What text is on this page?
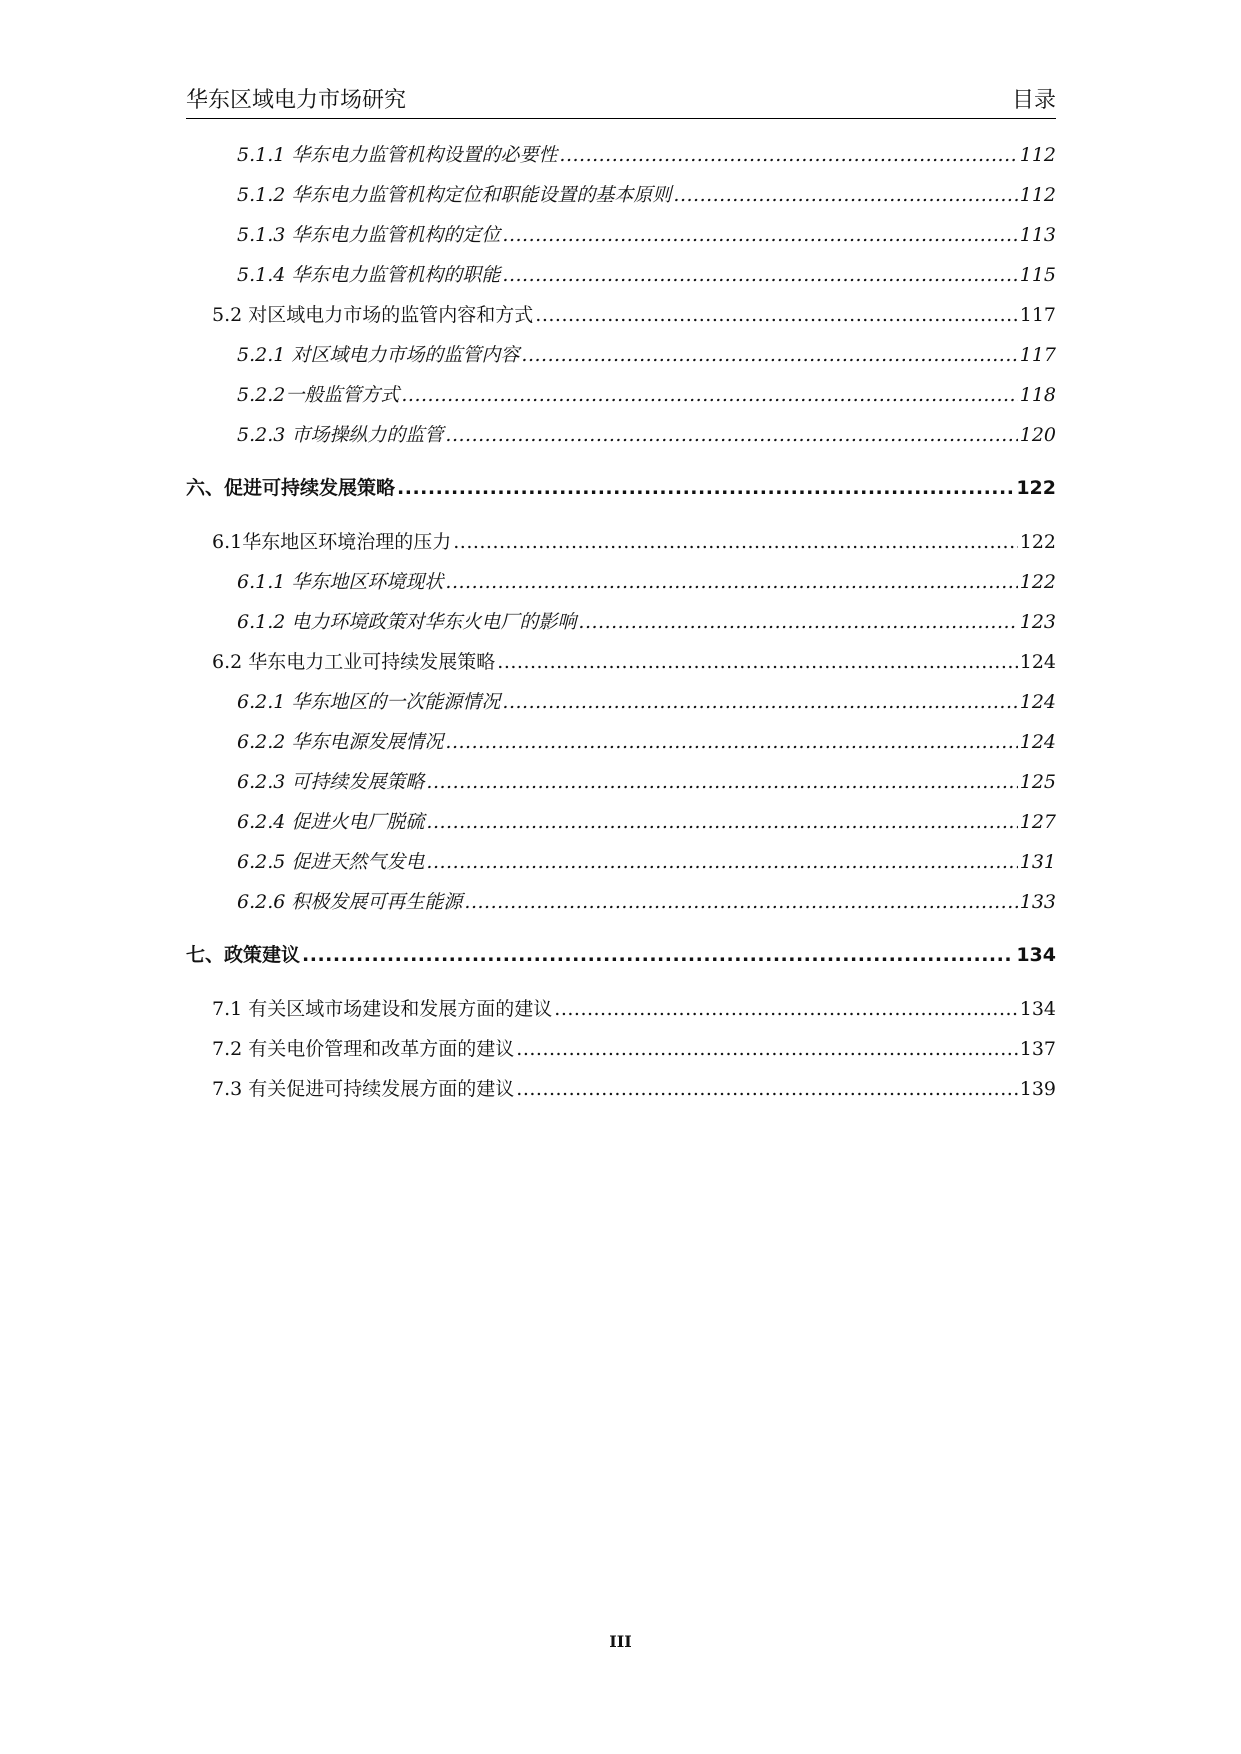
华东区域电力市场研究	目录
5.1.1 华东电力监管机构设置的必要性 .....	112
5.1.2 华东电力监管机构定位和职能设置的基本原则 .....	112
5.1.3 华东电力监管机构的定位 .....	113
5.1.4 华东电力监管机构的职能 .....	115
5.2 对区域电力市场的监管内容和方式 .....	117
5.2.1 对区域电力市场的监管内容 .....	117
5.2.2 一般监管方式 .....	118
5.2.3 市场操纵力的监管 .....	120
六、 促进可持续发展策略 .....	122
6.1 华东地区环境治理的压力 .....	122
6.1.1 华东地区环境现状 .....	122
6.1.2 电力环境政策对华东火电厂的影响 .....	123
6.2 华东电力工业可持续发展策略 .....	124
6.2.1 华东地区的一次能源情况 .....	124
6.2.2 华东电源发展情况 .....	124
6.2.3 可持续发展策略 .....	125
6.2.4 促进火电厂脱硫 .....	127
6.2.5 促进天然气发电 .....	131
6.2.6 积极发展可再生能源 .....	133
七、 政策建议 .....	134
7.1 有关区域市场建设和发展方面的建议 .....	134
7.2 有关电价管理和改革方面的建议 .....	137
7.3 有关促进可持续发展方面的建议 .....	139
III
